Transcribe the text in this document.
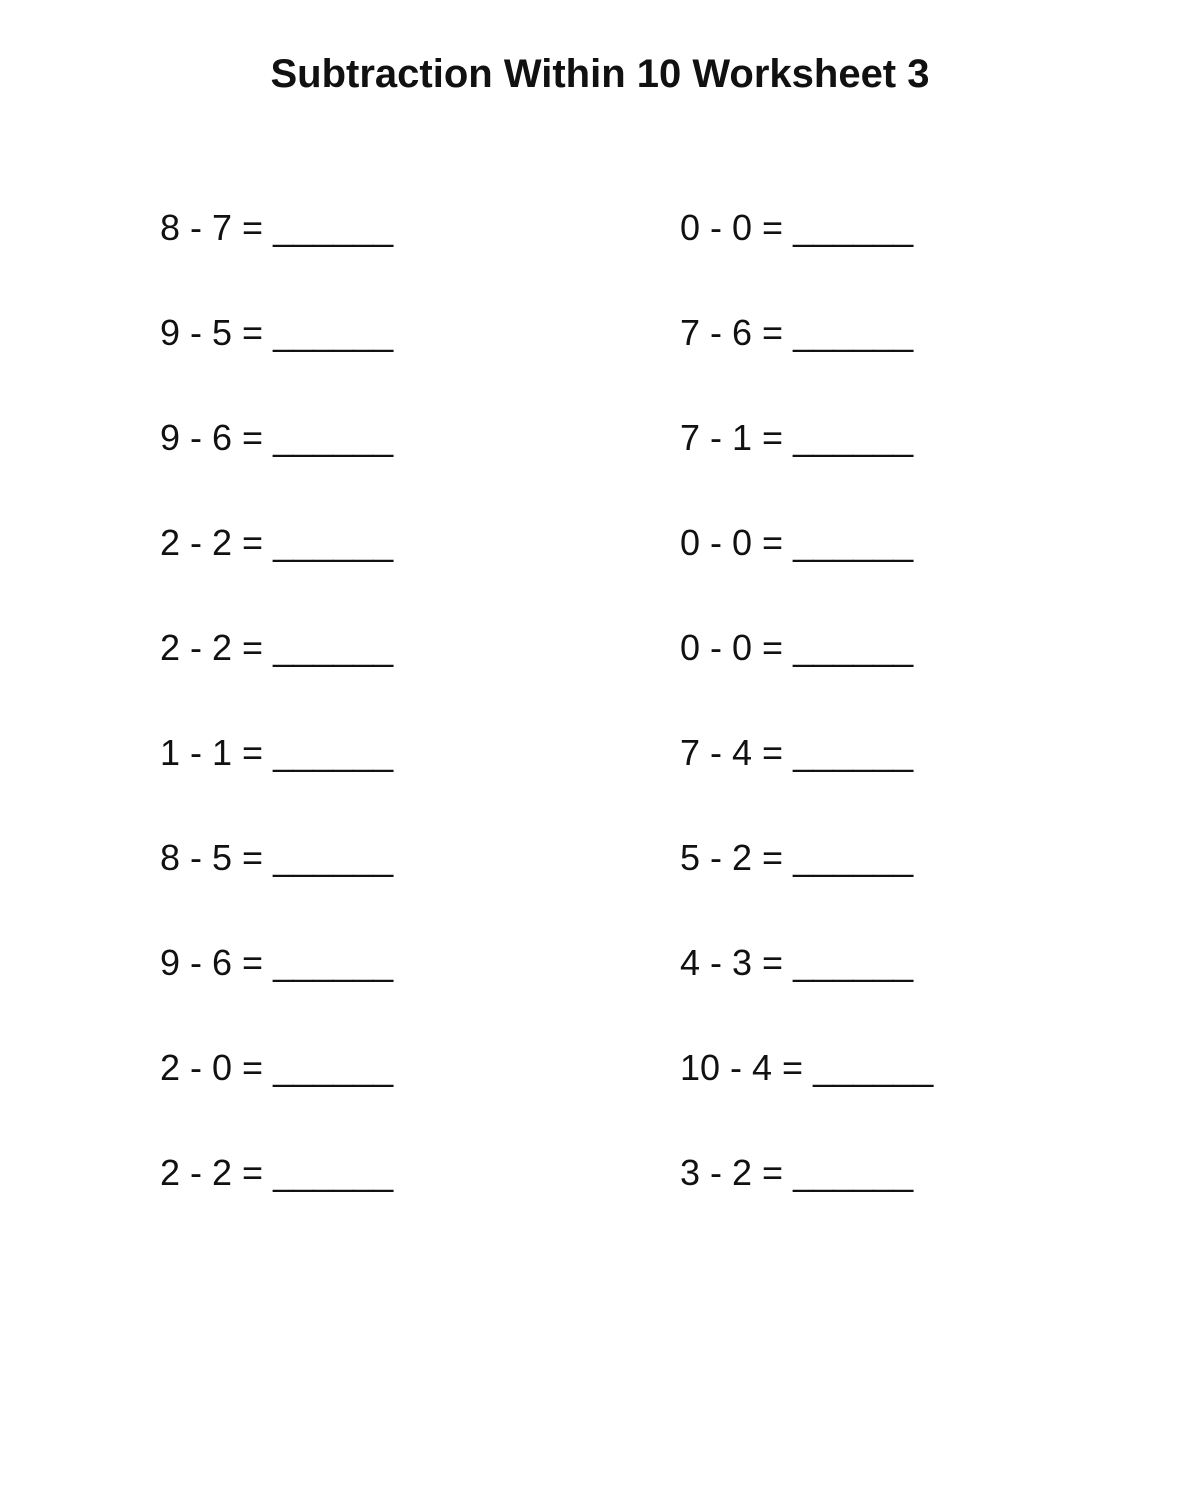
Subtraction Within 10 Worksheet 3
8 - 7 = ______
9 - 5 = ______
9 - 6 = ______
2 - 2 = ______
2 - 2 = ______
1 - 1 = ______
8 - 5 = ______
9 - 6 = ______
2 - 0 = ______
2 - 2 = ______
0 - 0 = ______
7 - 6 = ______
7 - 1 = ______
0 - 0 = ______
0 - 0 = ______
7 - 4 = ______
5 - 2 = ______
4 - 3 = ______
10 - 4 = ______
3 - 2 = ______
